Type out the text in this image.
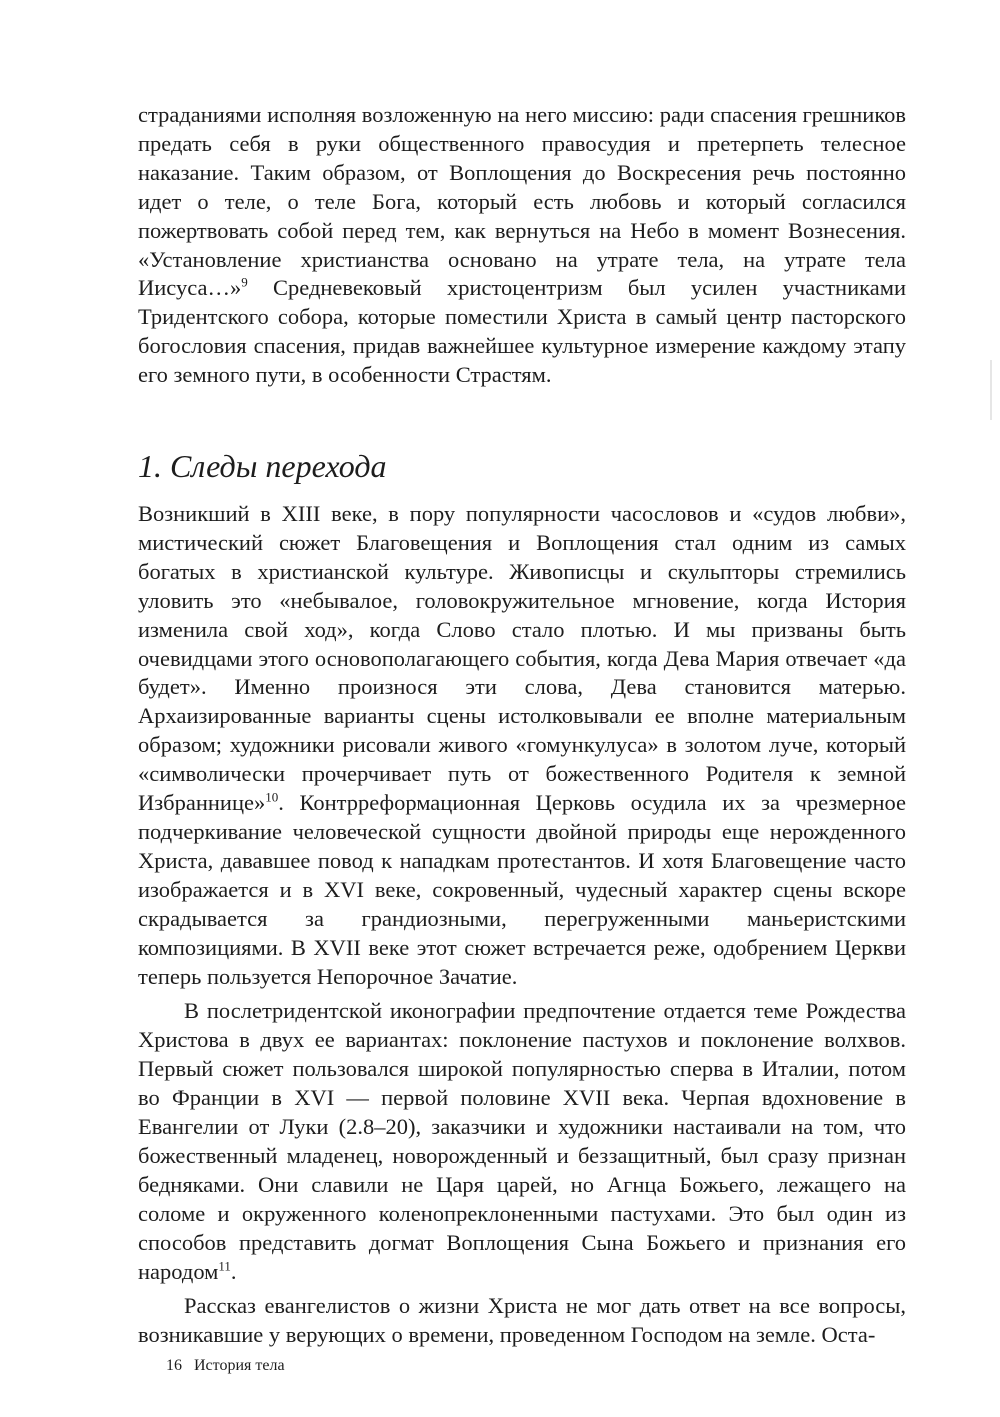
страданиями исполняя возложенную на него миссию: ради спасения грешников предать себя в руки общественного правосудия и претерпеть телесное наказание. Таким образом, от Воплощения до Воскресения речь постоянно идет о теле, о теле Бога, который есть любовь и который согласился пожертвовать собой перед тем, как вернуться на Небо в момент Вознесения. «Установление христианства основано на утрате тела, на утрате тела Иисуса…»$^9$ Средневековый христоцентризм был усилен участниками Тридентского собора, которые поместили Христа в самый центр пасторского богословия спасения, придав важнейшее культурное измерение каждому этапу его земного пути, в особенности Страстям.

1. Следы перехода

Возникший в XIII веке, в пору популярности часословов и «судов любви», мистический сюжет Благовещения и Воплощения стал одним из самых богатых в христианской культуре. Живописцы и скульпторы стремились уловить это «небывалое, головокружительное мгновение, когда История изменила свой ход», когда Слово стало плотью. И мы призваны быть очевидцами этого основополагающего события, когда Дева Мария отвечает «да будет». Именно произнося эти слова, Дева становится матерью. Архаизированные варианты сцены истолковывали ее вполне материальным образом; художники рисовали живого «гомункулуса» в золотом луче, который «символически прочерчивает путь от божественного Родителя к земной Избраннице»$^{10}$. Контрреформационная Церковь осудила их за чрезмерное подчеркивание человеческой сущности двойной природы еще нерожденного Христа, дававшее повод к нападкам протестантов. И хотя Благовещение часто изображается и в XVI веке, сокровенный, чудесный характер сцены вскоре скрадывается за грандиозными, перегруженными маньеристскими композициями. В XVII веке этот сюжет встречается реже, одобрением Церкви теперь пользуется Непорочное Зачатие.

В послетридентской иконографии предпочтение отдается теме Рождества Христова в двух ее вариантах: поклонение пастухов и поклонение волхвов. Первый сюжет пользовался широкой популярностью сперва в Италии, потом во Франции в XVI — первой половине XVII века. Черпая вдохновение в Евангелии от Луки (2.8–20), заказчики и художники настаивали на том, что божественный младенец, новорожденный и беззащитный, был сразу признан бедняками. Они славили не Царя царей, но Агнца Божьего, лежащего на соломе и окруженного коленопреклоненными пастухами. Это был один из способов представить догмат Воплощения Сына Божьего и признания его народом$^{11}$.

Рассказ евангелистов о жизни Христа не мог дать ответ на все вопросы, возникавшие у верующих о времени, проведенном Господом на земле. Оста-

16 История тела
